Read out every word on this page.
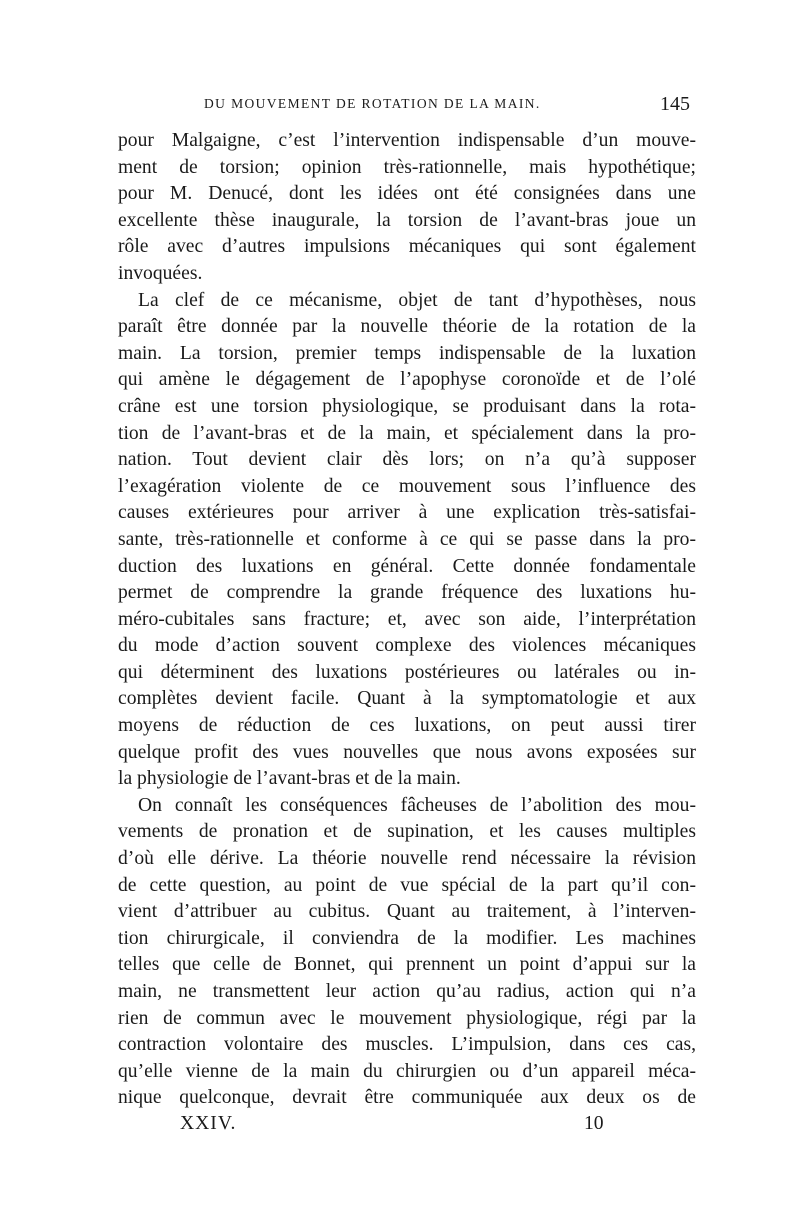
DU MOUVEMENT DE ROTATION DE LA MAIN.	145
pour Malgaigne, c’est l’intervention indispensable d’un mouve-
ment de torsion; opinion très-rationnelle, mais hypothétique;
pour M. Denucé, dont les idées ont été consignées dans une
excellente thèse inaugurale, la torsion de l’avant-bras joue un
rôle avec d’autres impulsions mécaniques qui sont également
invoquées.
La clef de ce mécanisme, objet de tant d’hypothèses, nous
paraît être donnée par la nouvelle théorie de la rotation de la
main. La torsion, premier temps indispensable de la luxation
qui amène le dégagement de l’apophyse coronoïde et de l’olé
crâne est une torsion physiologique, se produisant dans la rota-
tion de l’avant-bras et de la main, et spécialement dans la pro-
nation. Tout devient clair dès lors; on n’a qu’à supposer
l’exagération violente de ce mouvement sous l’influence des
causes extérieures pour arriver à une explication très-satisfai-
sante, très-rationnelle et conforme à ce qui se passe dans la pro-
duction des luxations en général. Cette donnée fondamentale
permet de comprendre la grande fréquence des luxations hu-
méro-cubitales sans fracture; et, avec son aide, l’interprétation
du mode d’action souvent complexe des violences mécaniques
qui déterminent des luxations postérieures ou latérales ou in-
complètes devient facile. Quant à la symptomatologie et aux
moyens de réduction de ces luxations, on peut aussi tirer
quelque profit des vues nouvelles que nous avons exposées sur
la physiologie de l’avant-bras et de la main.
On connaît les conséquences fâcheuses de l’abolition des mou-
vements de pronation et de supination, et les causes multiples
d’où elle dérive. La théorie nouvelle rend nécessaire la révision
de cette question, au point de vue spécial de la part qu’il con-
vient d’attribuer au cubitus. Quant au traitement, à l’interven-
tion chirurgicale, il conviendra de la modifier. Les machines
telles que celle de Bonnet, qui prennent un point d’appui sur la
main, ne transmettent leur action qu’au radius, action qui n’a
rien de commun avec le mouvement physiologique, régi par la
contraction volontaire des muscles. L’impulsion, dans ces cas,
qu’elle vienne de la main du chirurgien ou d’un appareil méca-
nique quelconque, devrait être communiquée aux deux os de
XXIV.	10
